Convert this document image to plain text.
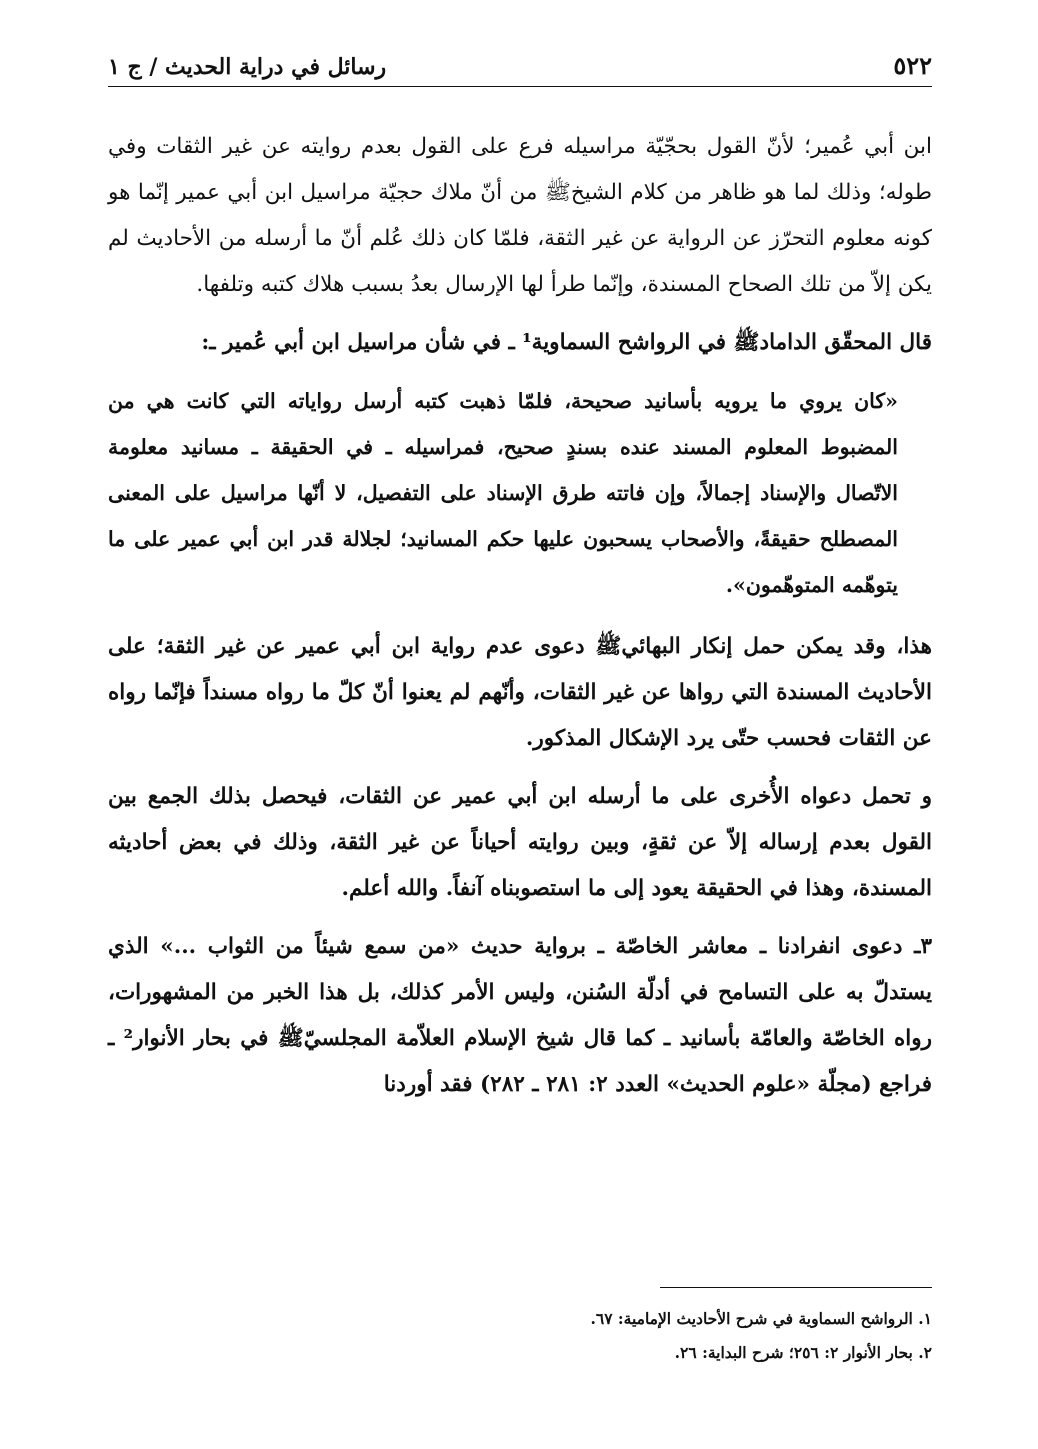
٥٢٢
رسائل في دراية الحديث / ج ١

ابن أبي عُمير؛ لأنّ القول بحجّيّة مراسيله فرع على القول بعدم روايته عن غير الثقات وفي طوله؛ وذلك لما هو ظاهر من كلام الشيخ‏ﷺ من أنّ ملاك حجيّة مراسيل ابن أبي عمير إنّما هو كونه معلوم التحرّز عن الرواية عن غير الثقة، فلمّا كان ذلك عُلم أنّ ما أرسله من الأحاديث لم يكن إلاّ من تلك الصحاح المسندة، وإنّما طرأ لها الإرسال بعدُ بسبب هلاك كتبه وتلفها.

قال المحقّق الداماد‏ﷺ في الرواشح السماوية¹ ـ في شأن مراسيل ابن أبي عُمير ـ:

«كان يروي ما يرويه بأسانيد صحيحة، فلمّا ذهبت كتبه أرسل رواياته التي كانت هي من المضبوط المعلوم المسند عنده بسندٍ صحيح، فمراسيله ـ في الحقيقة ـ مسانيد معلومة الاتّصال والإسناد إجمالاً، وإن فاتته طرق الإسناد على التفصيل، لا أنّها مراسيل على المعنى المصطلح حقيقةً، والأصحاب يسحبون عليها حكم المسانيد؛ لجلالة قدر ابن أبي عمير على ما يتوهّمه المتوهّمون».

هذا، وقد يمكن حمل إنكار البهائي‏ﷺ دعوى عدم رواية ابن أبي عمير عن غير الثقة؛ على الأحاديث المسندة التي رواها عن غير الثقات، وأنّهم لم يعنوا أنّ كلّ ما رواه مسنداً فإنّما رواه عن الثقات فحسب حتّى يرد الإشكال المذكور.

و تحمل دعواه الأُخرى على ما أرسله ابن أبي عمير عن الثقات، فيحصل بذلك الجمع بين القول بعدم إرساله إلاّ عن ثقةٍ، وبين روايته أحياناً عن غير الثقة، وذلك في بعض أحاديثه المسندة، وهذا في الحقيقة يعود إلى ما استصوبناه آنفاً. والله أعلم.

٣ـ دعوى انفرادنا ـ معاشر الخاصّة ـ برواية حديث «من سمع شيئاً من الثواب ...» الذي يستدلّ به على التسامح في أدلّة السُنن، وليس الأمر كذلك، بل هذا الخبر من المشهورات، رواه الخاصّة والعامّة بأسانيد ـ كما قال شيخ الإسلام العلاّمة المجلسيّ‏ﷺ في بحار الأنوار² ـ فراجع (مجلّة «علوم الحديث» العدد ٢: ٢٨١ ـ ٢٨٢) فقد أوردنا

١. الرواشح السماوية في شرح الأحاديث الإمامية: ٦٧.
٢. بحار الأنوار ٢: ٢٥٦؛ شرح البداية: ٢٦.
